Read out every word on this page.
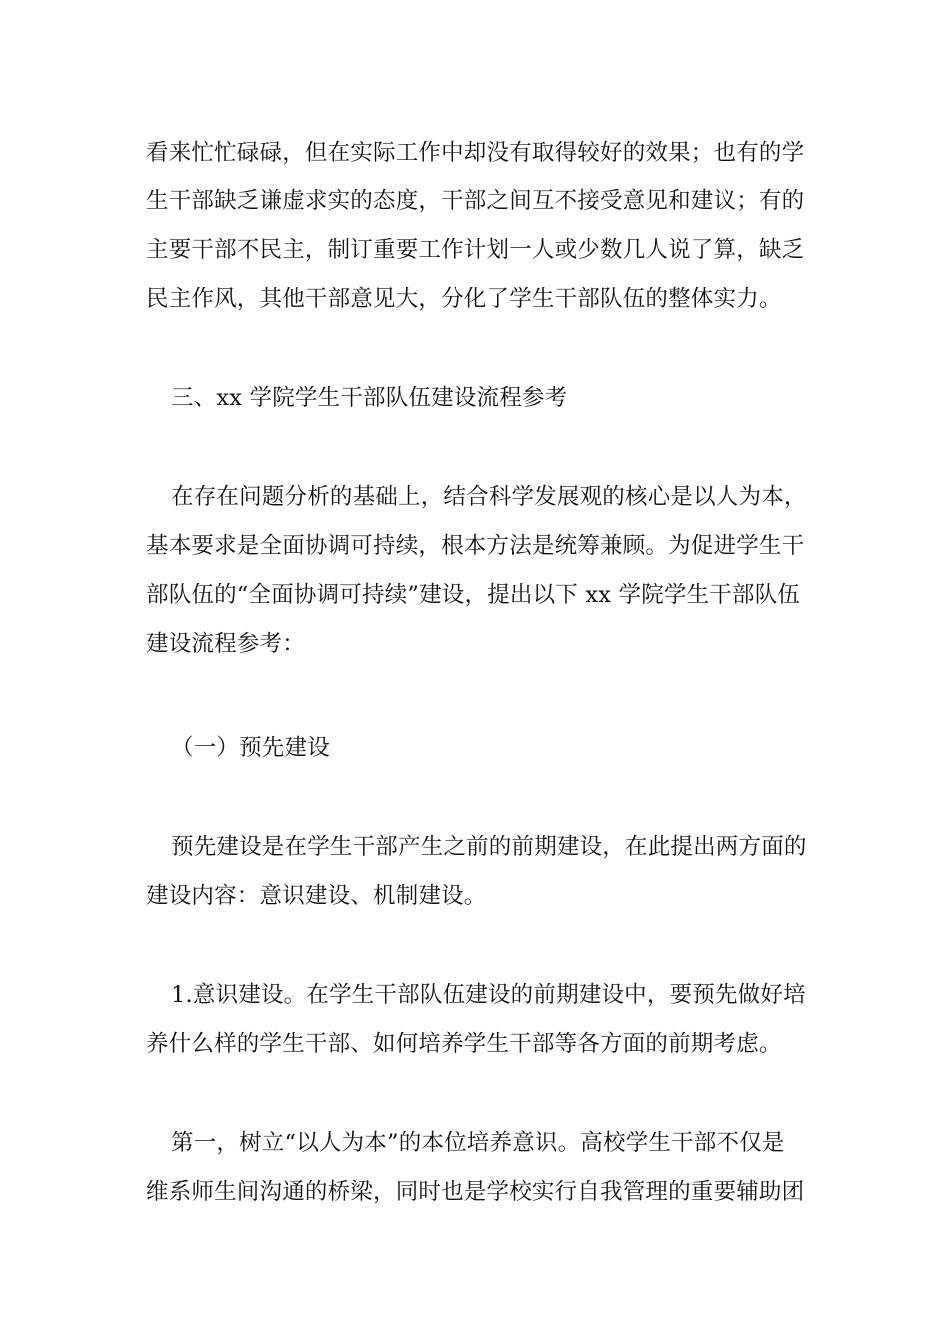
看来忙忙碌碌，但在实际工作中却没有取得较好的效果；也有的学
生干部缺乏谦虚求实的态度，干部之间互不接受意见和建议；有的
主要干部不民主，制订重要工作计划一人或少数几人说了算，缺乏
民主作风，其他干部意见大，分化了学生干部队伍的整体实力。
三、xx 学院学生干部队伍建设流程参考
在存在问题分析的基础上，结合科学发展观的核心是以人为本，
基本要求是全面协调可持续，根本方法是统筹兼顾。为促进学生干
部队伍的“全面协调可持续”建设，提出以下 xx 学院学生干部队伍
建设流程参考：
（一）预先建设
预先建设是在学生干部产生之前的前期建设，在此提出两方面的
建设内容：意识建设、机制建设。
1.意识建设。在学生干部队伍建设的前期建设中，要预先做好培
养什么样的学生干部、如何培养学生干部等各方面的前期考虑。
第一，树立“以人为本”的本位培养意识。高校学生干部不仅是
维系师生间沟通的桥梁，同时也是学校实行自我管理的重要辅助团
